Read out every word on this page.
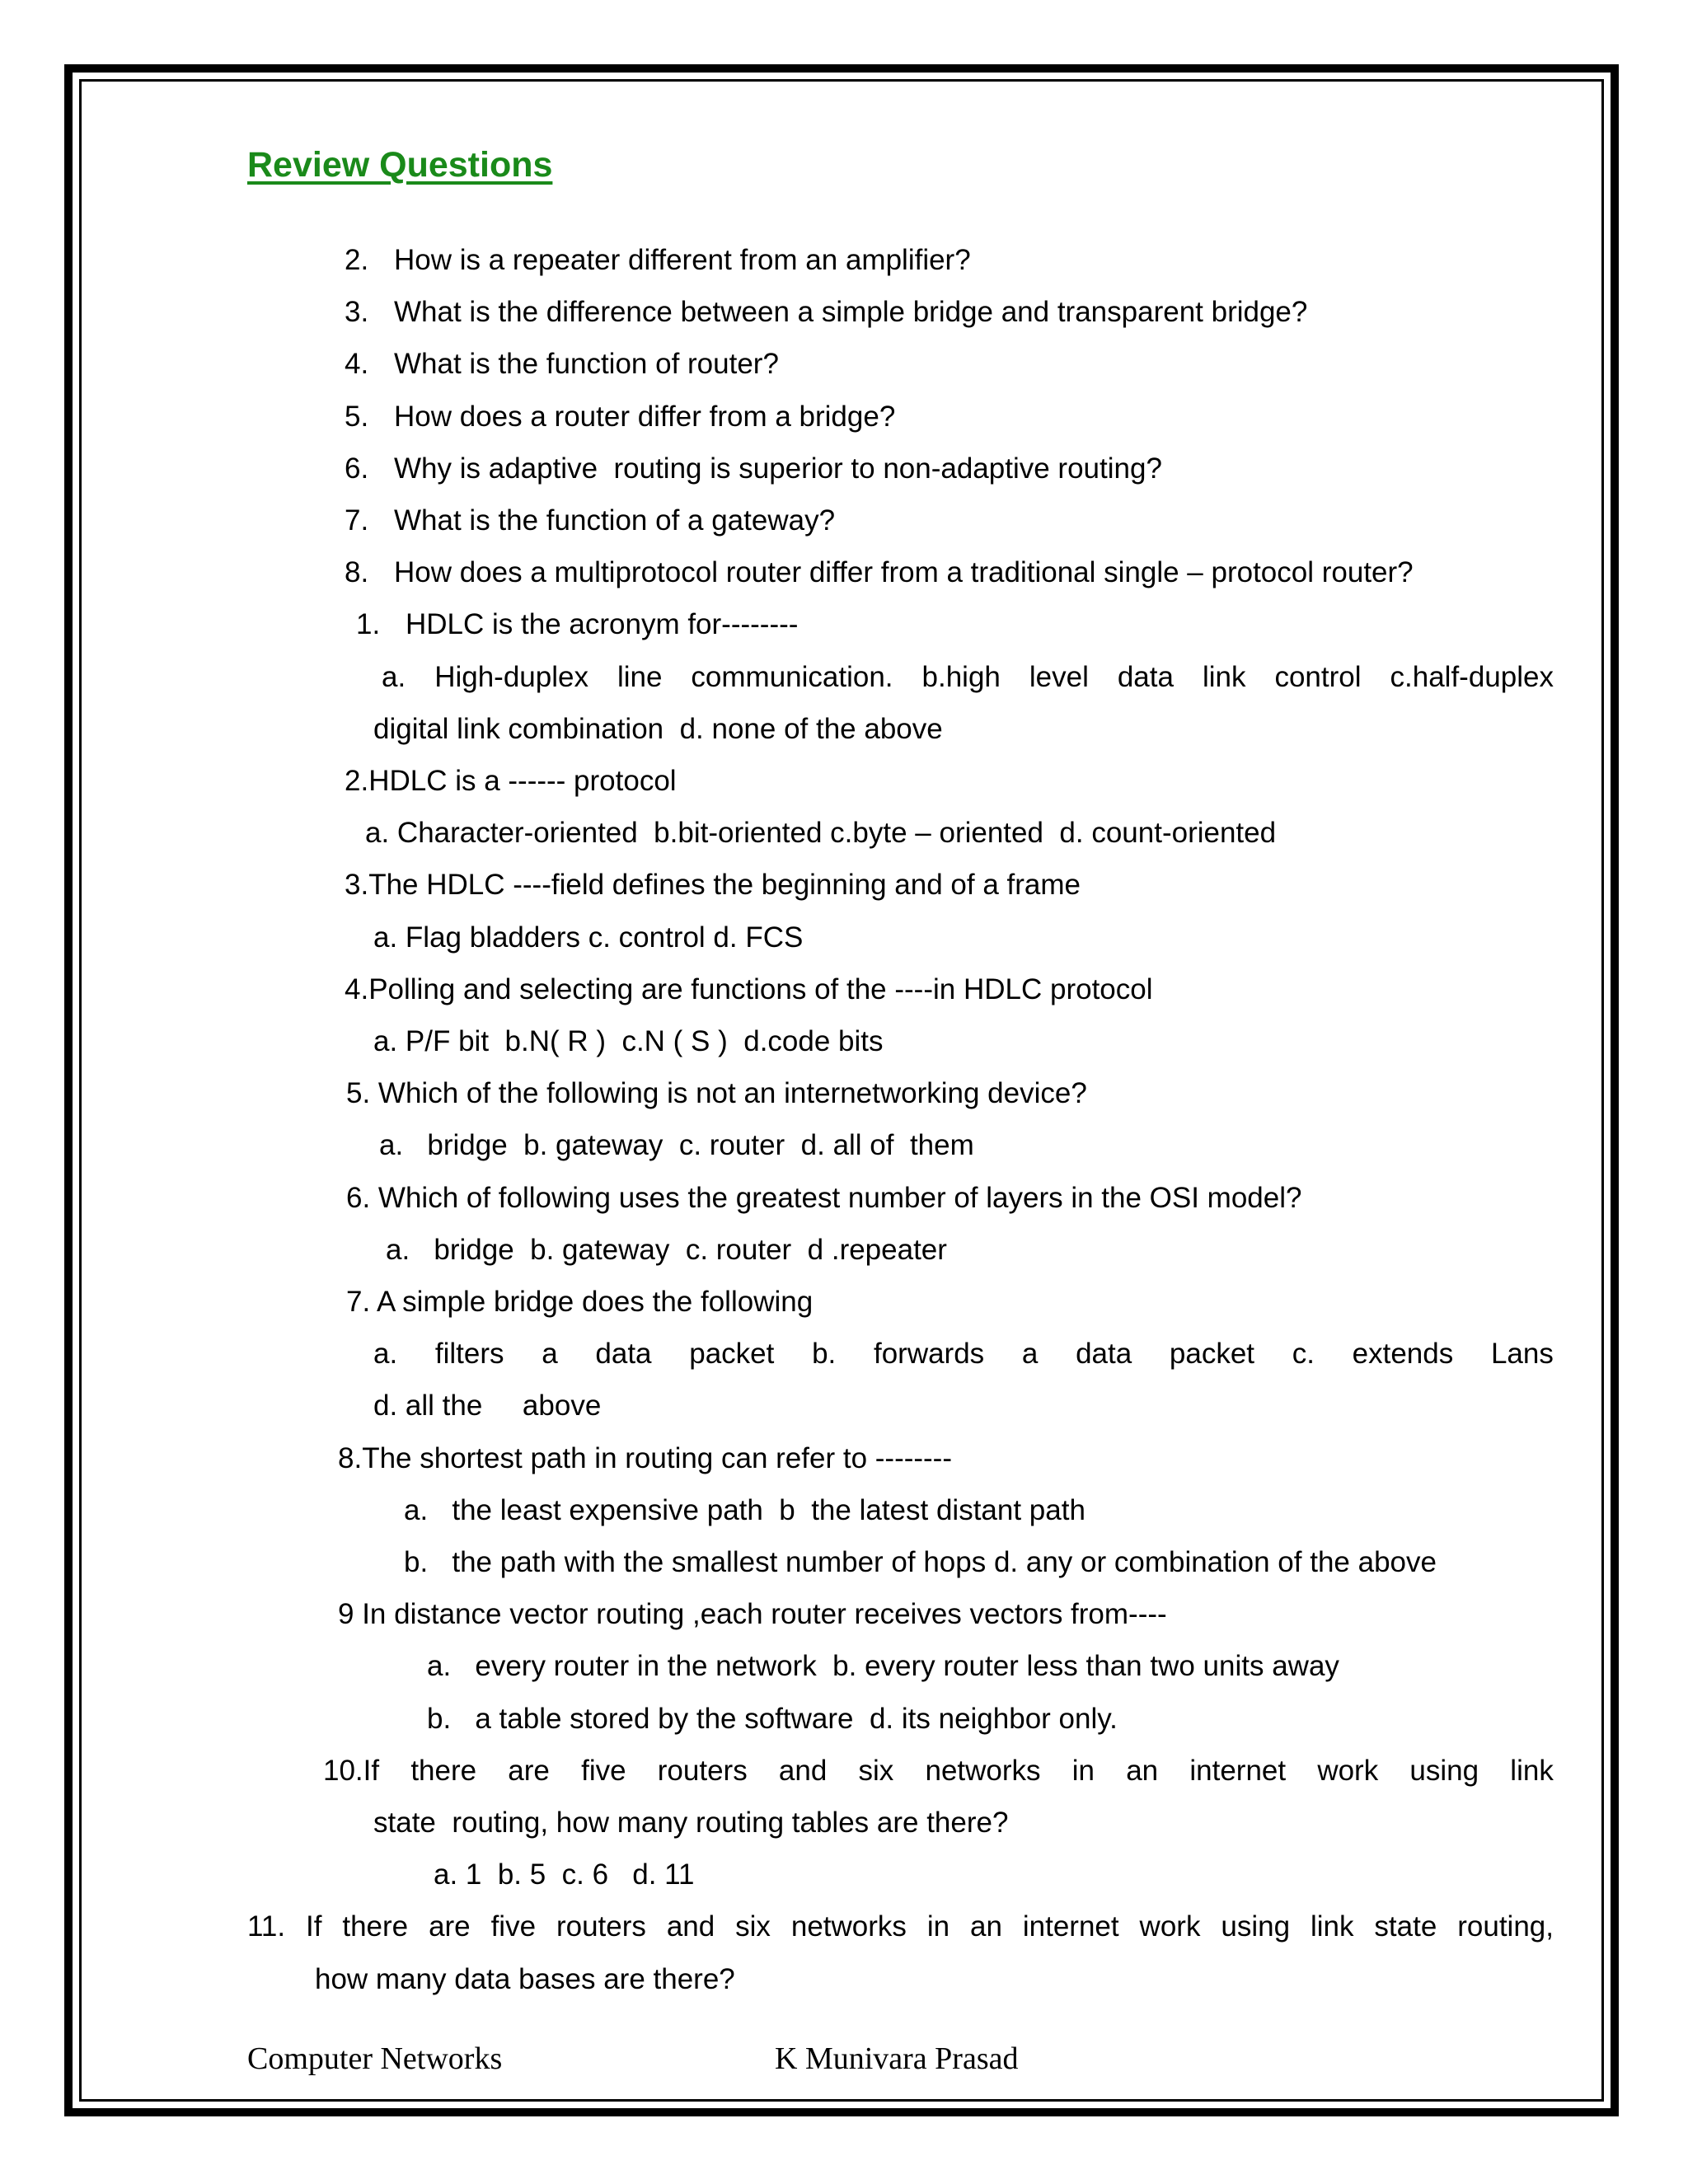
Review Questions
2. How is a repeater different from an amplifier?
3. What is the difference between a simple bridge and transparent bridge?
4. What is the function of router?
5. How does a router differ from a bridge?
6. Why is adaptive  routing is superior to non-adaptive routing?
7. What is the function of a gateway?
8. How does a multiprotocol router differ from a traditional single – protocol router?
1. HDLC is the acronym for--------
a. High-duplex line communication. b.high level data link control c.half-duplex
digital link combination  d. none of the above
2.HDLC is a ------ protocol
a. Character-oriented  b.bit-oriented c.byte – oriented  d. count-oriented
3.The HDLC ----field defines the beginning and of a frame
a. Flag bladders c. control d. FCS
4.Polling and selecting are functions of the ----in HDLC protocol
a. P/F bit  b.N( R )  c.N ( S )  d.code bits
5. Which of the following is not an internetworking device?
a.   bridge  b. gateway  c. router  d. all of  them
6. Which of following uses the greatest number of layers in the OSI model?
a.   bridge  b. gateway  c. router  d .repeater
7. A simple bridge does the following
a. filters a data packet b. forwards a data packet c. extends Lans
d. all the     above
8.The shortest path in routing can refer to --------
a.   the least expensive path  b  the latest distant path
b.   the path with the smallest number of hops d. any or combination of the above
9 In distance vector routing ,each router receives vectors from----
a.   every router in the network  b. every router less than two units away
b.   a table stored by the software  d. its neighbor only.
10.If there are five routers and six networks in an internet work using link
state  routing, how many routing tables are there?
a. 1  b. 5  c. 6   d. 11
11. If there are five routers and six networks in an internet work using link state routing,
how many data bases are there?
Computer Networks	K Munivara Prasad
